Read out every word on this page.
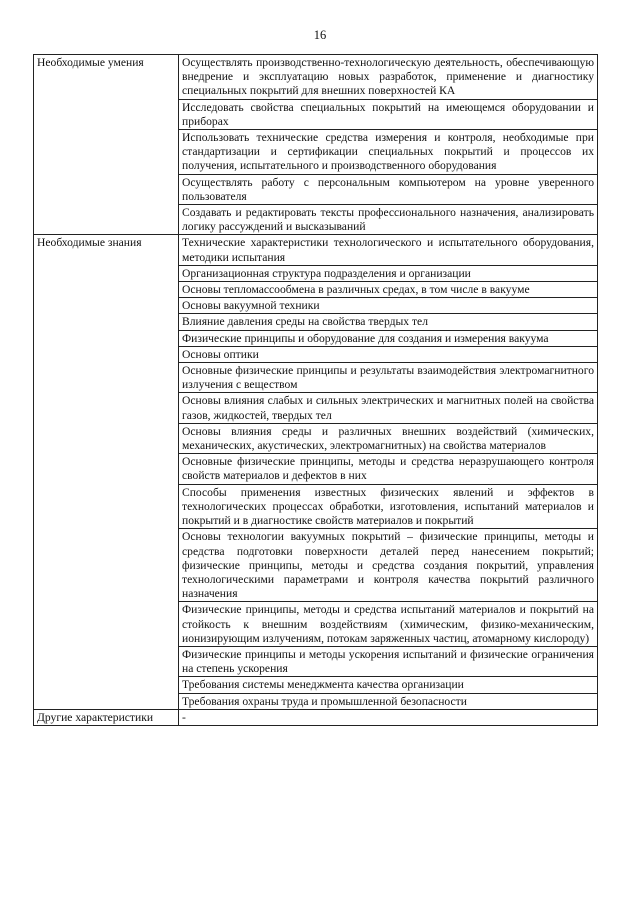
16
Необходимые умения	Осуществлять производственно-технологическую деятельность, обеспечивающую внедрение и эксплуатацию новых разработок, применение и диагностику специальных покрытий для внешних поверхностей КА
	Исследовать свойства специальных покрытий на имеющемся оборудовании и приборах
	Использовать технические средства измерения и контроля, необходимые при стандартизации и сертификации специальных покрытий и процессов их получения, испытательного и производственного оборудования
	Осуществлять работу с персональным компьютером на уровне уверенного пользователя
	Создавать и редактировать тексты профессионального назначения, анализировать логику рассуждений и высказываний
Необходимые знания	Технические характеристики технологического и испытательного оборудования, методики испытания
	Организационная структура подразделения и организации
	Основы тепломассообмена в различных средах, в том числе в вакууме
	Основы вакуумной техники
	Влияние давления среды на свойства твердых тел
	Физические принципы и оборудование для создания и измерения вакуума
	Основы оптики
	Основные физические принципы и результаты взаимодействия электромагнитного излучения с веществом
	Основы влияния слабых и сильных электрических и магнитных полей на свойства газов, жидкостей, твердых тел
	Основы влияния среды и различных внешних воздействий (химических, механических, акустических, электромагнитных) на свойства материалов
	Основные физические принципы, методы и средства неразрушающего контроля свойств материалов и дефектов в них
	Способы применения известных физических явлений и эффектов в технологических процессах обработки, изготовления, испытаний материалов и покрытий и в диагностике свойств материалов и покрытий
	Основы технологии вакуумных покрытий – физические принципы, методы и средства подготовки поверхности деталей перед нанесением покрытий; физические принципы, методы и средства создания покрытий, управления технологическими параметрами и контроля качества покрытий различного назначения
	Физические принципы, методы и средства испытаний материалов и покрытий на стойкость к внешним воздействиям (химическим, физико-механическим, ионизирующим излучениям, потокам заряженных частиц, атомарному кислороду)
	Физические принципы и методы ускорения испытаний и физические ограничения на степень ускорения
	Требования системы менеджмента качества организации
	Требования охраны труда и промышленной безопасности
Другие характеристики	-
